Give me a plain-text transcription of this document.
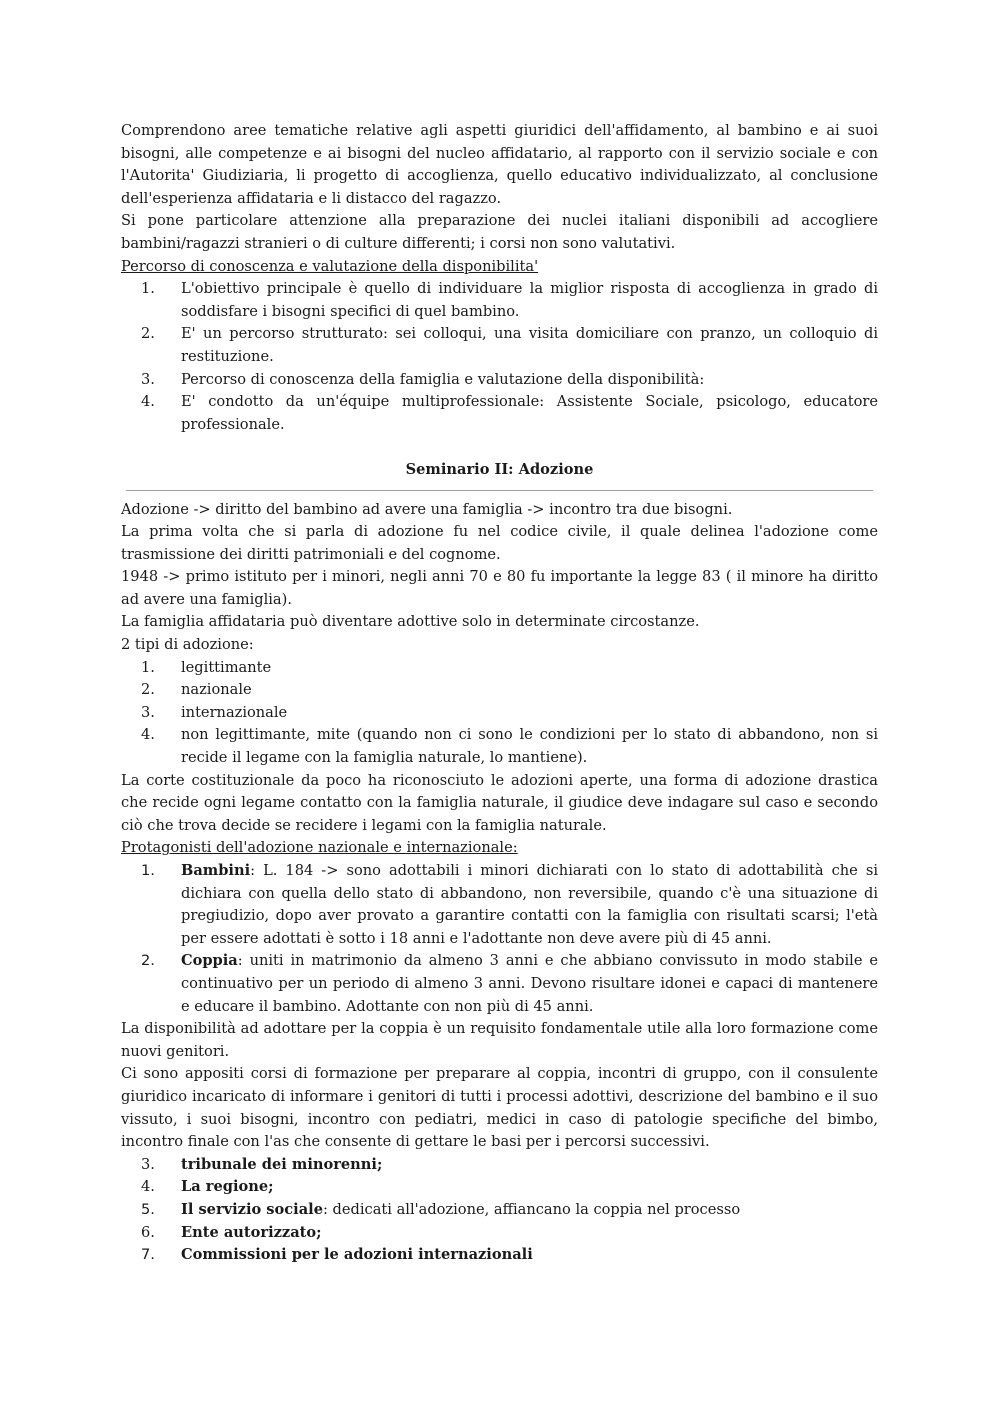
Comprendono aree tematiche relative agli aspetti giuridici dell'affidamento, al bambino e ai suoi bisogni, alle competenze e ai bisogni del nucleo affidatario, al rapporto con il servizio sociale e con l'Autorita' Giudiziaria, li progetto di accoglienza, quello educativo individualizzato, al conclusione dell'esperienza affidataria e li distacco del ragazzo.

Si pone particolare attenzione alla preparazione dei nuclei italiani disponibili ad accogliere bambini/ragazzi stranieri o di culture differenti; i corsi non sono valutativi.

Percorso di conoscenza e valutazione della disponibilita'

1.	L'obiettivo principale è quello di individuare la miglior risposta di accoglienza in grado di soddisfare i bisogni specifici di quel bambino.
2.	E' un percorso strutturato: sei colloqui, una visita domiciliare con pranzo, un colloquio di restituzione.
3.	Percorso di conoscenza della famiglia e valutazione della disponibilità:
4.	E' condotto da un'équipe multiprofessionale: Assistente Sociale, psicologo, educatore professionale.

Seminario II: Adozione

Adozione -> diritto del bambino ad avere una famiglia -> incontro tra due bisogni.

La prima volta che si parla di adozione fu nel codice civile, il quale delinea l'adozione come trasmissione dei diritti patrimoniali e del cognome.

1948 -> primo istituto per i minori, negli anni 70 e 80 fu importante la legge 83 ( il minore ha diritto ad avere una famiglia).

La famiglia affidataria può diventare adottive solo in determinate circostanze.

2 tipi di adozione:

1.	legittimante
2.	nazionale
3.	internazionale
4.	non legittimante, mite (quando non ci sono le condizioni per lo stato di abbandono, non si recide il legame con la famiglia naturale, lo mantiene).

La corte costituzionale da poco ha riconosciuto le adozioni aperte, una forma di adozione drastica che recide ogni legame contatto con la famiglia naturale, il giudice deve indagare sul caso e secondo ciò che trova decide se recidere i legami con la famiglia naturale.

Protagonisti dell'adozione nazionale e internazionale:

1.	Bambini: L. 184 -> sono adottabili i minori dichiarati con lo stato di adottabilità che si dichiara con quella dello stato di abbandono, non reversibile, quando c'è una situazione di pregiudizio, dopo aver provato a garantire contatti con la famiglia con risultati scarsi; l'età per essere adottati è sotto i 18 anni e l'adottante non deve avere più di 45 anni.
2.	Coppia: uniti in matrimonio da almeno 3 anni e che abbiano convissuto in modo stabile e continuativo per un periodo di almeno 3 anni. Devono risultare idonei e capaci di mantenere e educare il bambino. Adottante con non più di 45 anni.

La disponibilità ad adottare per la coppia è un requisito fondamentale utile alla loro formazione come nuovi genitori.

Ci sono appositi corsi di formazione per preparare al coppia, incontri di gruppo, con il consulente giuridico incaricato di informare i genitori di tutti i processi adottivi, descrizione del bambino e il suo vissuto, i suoi bisogni, incontro con pediatri, medici in caso di patologie specifiche del bimbo, incontro finale con l'as che consente di gettare le basi per i percorsi successivi.

3.	tribunale dei minorenni;
4.	La regione;
5.	Il servizio sociale: dedicati all'adozione, affiancano la coppia nel processo
6.	Ente autorizzato;
7.	Commissioni per le adozioni internazionali
